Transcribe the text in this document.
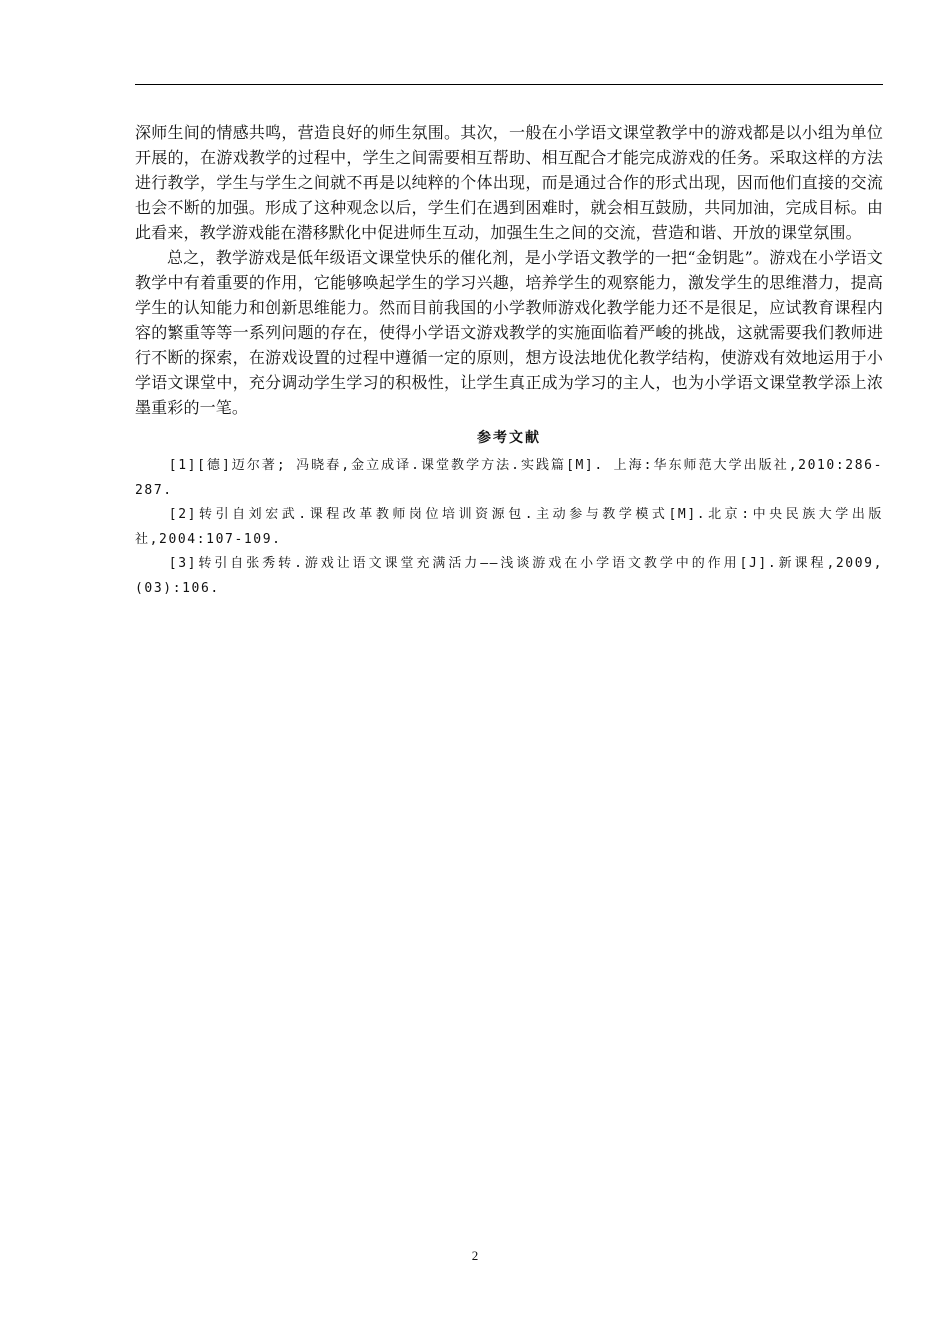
深师生间的情感共鸣，营造良好的师生氛围。其次，一般在小学语文课堂教学中的游戏都是以小组为单位开展的，在游戏教学的过程中，学生之间需要相互帮助、相互配合才能完成游戏的任务。采取这样的方法进行教学，学生与学生之间就不再是以纯粹的个体出现，而是通过合作的形式出现，因而他们直接的交流也会不断的加强。形成了这种观念以后，学生们在遇到困难时，就会相互鼓励，共同加油，完成目标。由此看来，教学游戏能在潜移默化中促进师生互动，加强生生之间的交流，营造和谐、开放的课堂氛围。

总之，教学游戏是低年级语文课堂快乐的催化剂，是小学语文教学的一把“金钥匙”。游戏在小学语文教学中有着重要的作用，它能够唤起学生的学习兴趣，培养学生的观察能力，激发学生的思维潜力，提高学生的认知能力和创新思维能力。然而目前我国的小学教师游戏化教学能力还不是很足，应试教育课程内容的繁重等等一系列问题的存在，使得小学语文游戏教学的实施面临着严峻的挑战，这就需要我们教师进行不断的探索，在游戏设置的过程中遵循一定的原则，想方设法地优化教学结构，使游戏有效地运用于小学语文课堂中，充分调动学生学习的积极性，让学生真正成为学习的主人，也为小学语文课堂教学添上浓墨重彩的一笔。

参考文献

[1][德]迈尔著; 冯晓春,金立成译.课堂教学方法.实践篇[M]. 上海:华东师范大学出版社,2010:286-287.

[2]转引自刘宏武.课程改革教师岗位培训资源包.主动参与教学模式[M].北京:中央民族大学出版社,2004:107-109.

[3]转引自张秀转.游戏让语文课堂充满活力——浅谈游戏在小学语文教学中的作用[J].新课程,2009,(03):106.

2
